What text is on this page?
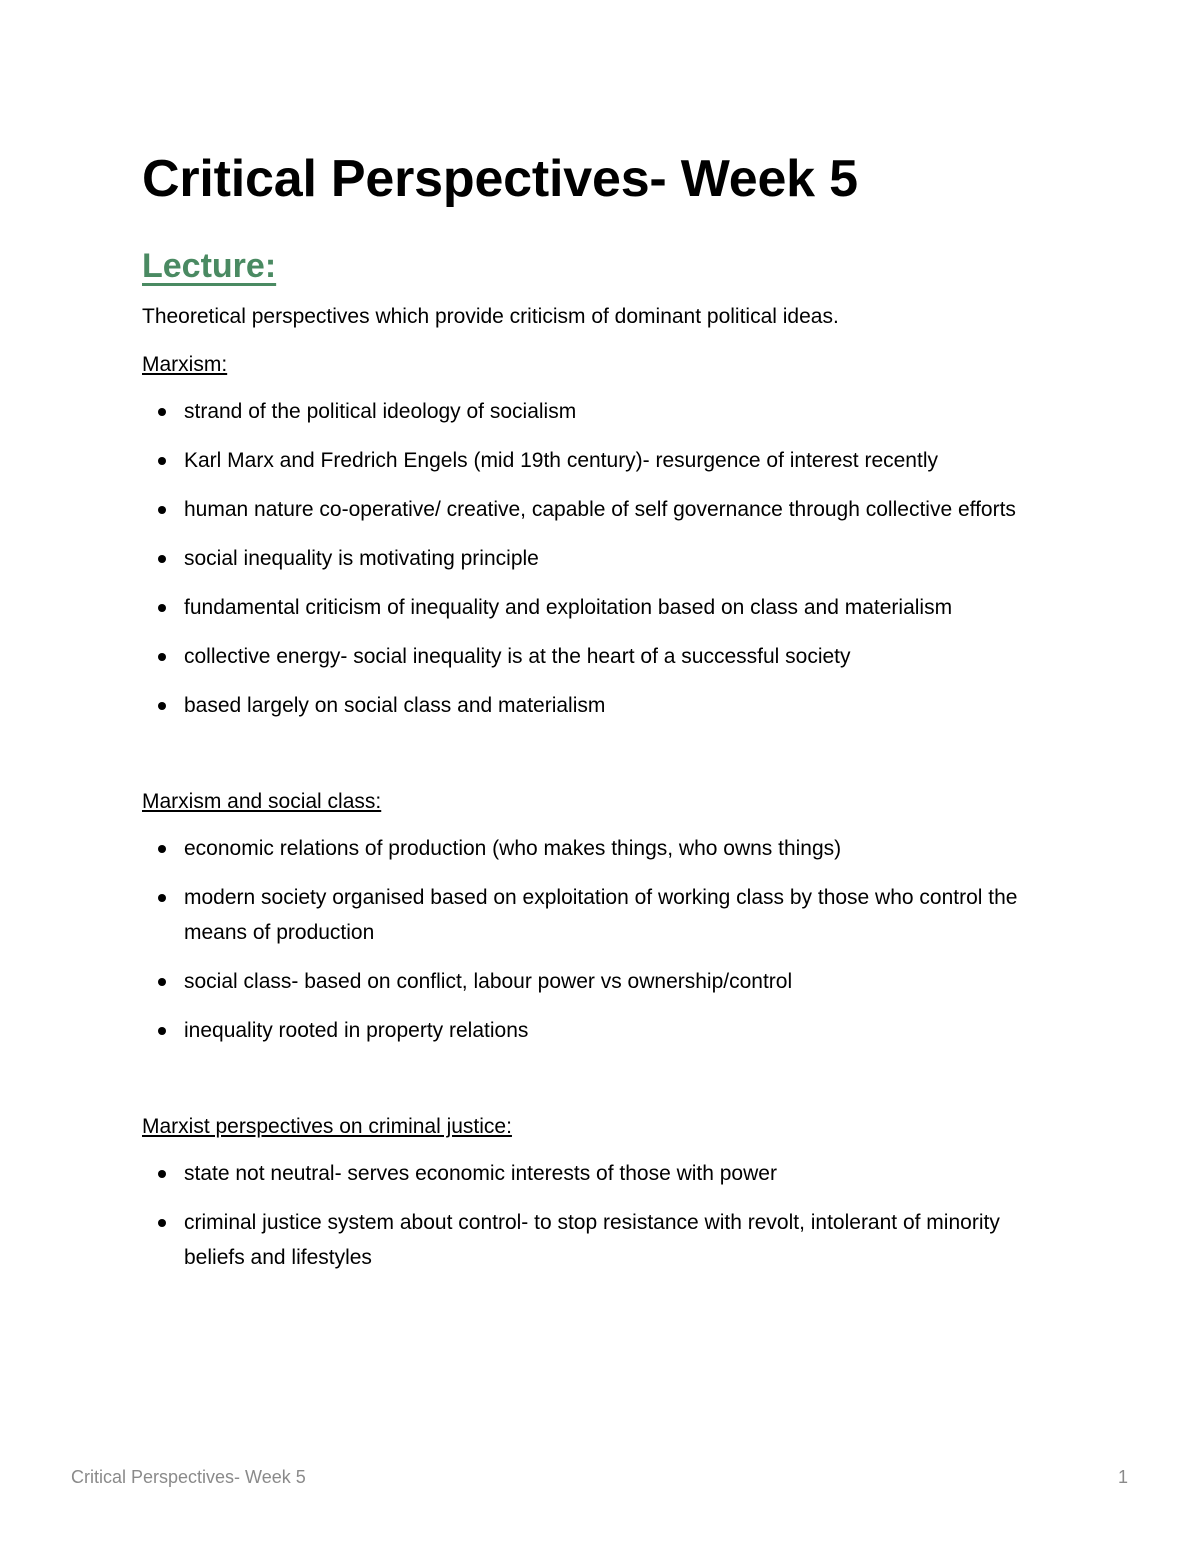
Critical Perspectives- Week 5
Lecture:

Theoretical perspectives which provide criticism of dominant political ideas.

Marxism:

strand of the political ideology of socialism
Karl Marx and Fredrich Engels (mid 19th century)- resurgence of interest recently
human nature co-operative/ creative, capable of self governance through collective efforts
social inequality is motivating principle
fundamental criticism of inequality and exploitation based on class and materialism
collective energy- social inequality is at the heart of a successful society
based largely on social class and materialism

Marxism and social class:

economic relations of production (who makes things, who owns things)
modern society organised based on exploitation of working class by those who control the means of production
social class- based on conflict, labour power vs ownership/control
inequality rooted in property relations

Marxist perspectives on criminal justice:

state not neutral- serves economic interests of those with power
criminal justice system about control- to stop resistance with revolt, intolerant of minority beliefs and lifestyles
Critical Perspectives- Week 5	1
